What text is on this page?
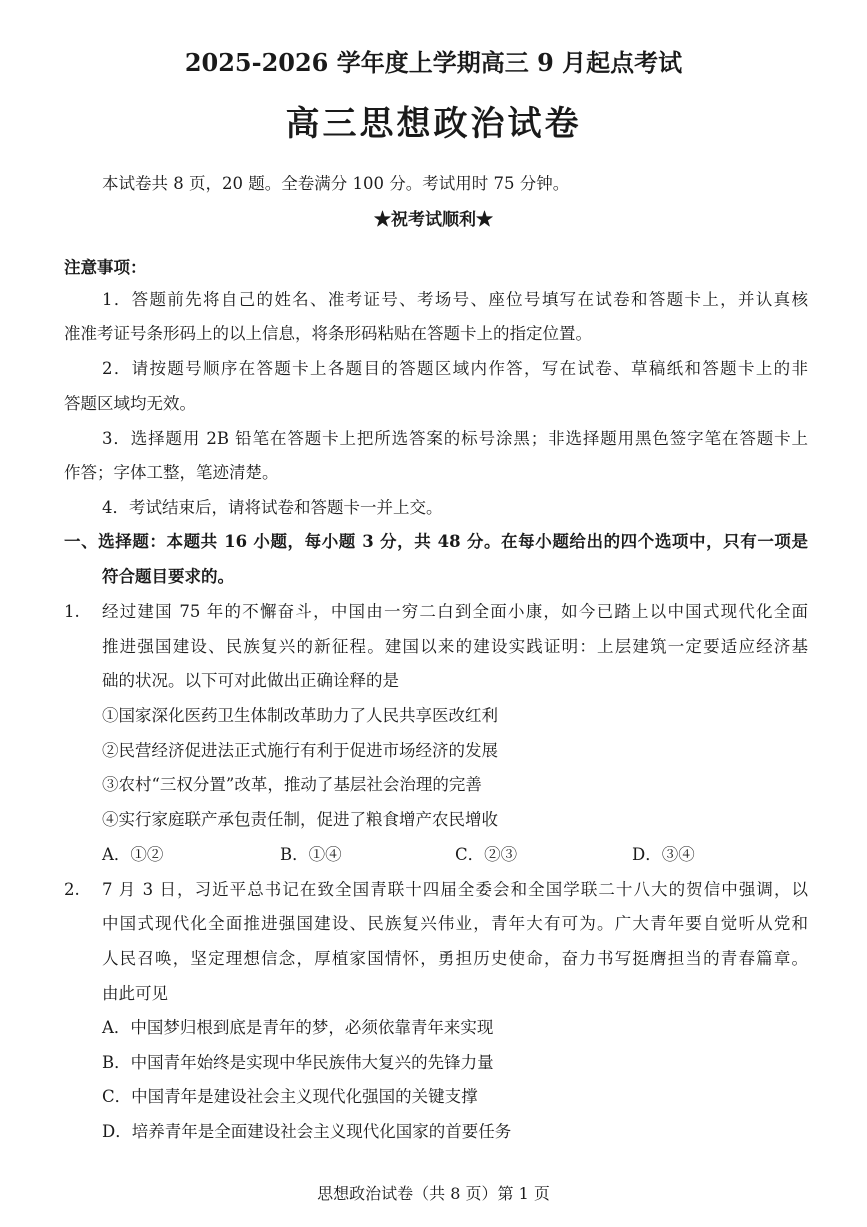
2025-2026 学年度上学期高三 9 月起点考试
高三思想政治试卷
本试卷共 8 页，20 题。全卷满分 100 分。考试用时 75 分钟。
★祝考试顺利★
注意事项：
1．答题前先将自己的姓名、准考证号、考场号、座位号填写在试卷和答题卡上，并认真核
准准考证号条形码上的以上信息，将条形码粘贴在答题卡上的指定位置。
2．请按题号顺序在答题卡上各题目的答题区域内作答，写在试卷、草稿纸和答题卡上的非
答题区域均无效。
3．选择题用 2B 铅笔在答题卡上把所选答案的标号涂黑；非选择题用黑色签字笔在答题卡上
作答；字体工整，笔迹清楚。
4．考试结束后，请将试卷和答题卡一并上交。
一、选择题：本题共 16 小题，每小题 3 分，共 48 分。在每小题给出的四个选项中，只有一项是
符合题目要求的。
1. 经过建国 75 年的不懈奋斗，中国由一穷二白到全面小康，如今已踏上以中国式现代化全面
推进强国建设、民族复兴的新征程。建国以来的建设实践证明：上层建筑一定要适应经济基
础的状况。以下可对此做出正确诠释的是
①国家深化医药卫生体制改革助力了人民共享医改红利
②民营经济促进法正式施行有利于促进市场经济的发展
③农村“三权分置”改革，推动了基层社会治理的完善
④实行家庭联产承包责任制，促进了粮食增产农民增收
A．①②	B．①④	C．②③	D．③④
2. 7 月 3 日，习近平总书记在致全国青联十四届全委会和全国学联二十八大的贺信中强调，以
中国式现代化全面推进强国建设、民族复兴伟业，青年大有可为。广大青年要自觉听从党和
人民召唤，坚定理想信念，厚植家国情怀，勇担历史使命，奋力书写挺膺担当的青春篇章。
由此可见
A．中国梦归根到底是青年的梦，必须依靠青年来实现
B．中国青年始终是实现中华民族伟大复兴的先锋力量
C．中国青年是建设社会主义现代化强国的关键支撑
D．培养青年是全面建设社会主义现代化国家的首要任务
思想政治试卷（共 8 页）第 1 页
